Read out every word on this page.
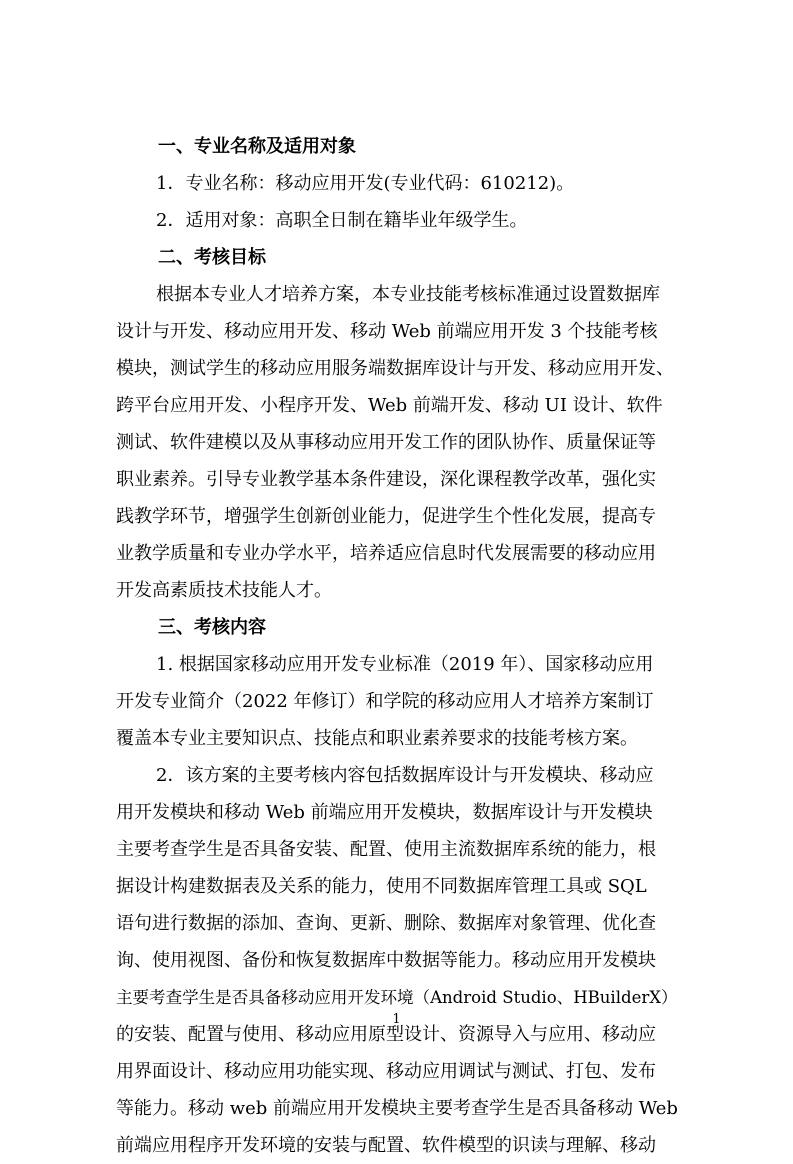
一、专业名称及适用对象

1．专业名称：移动应用开发(专业代码：610212)。

2．适用对象：高职全日制在籍毕业年级学生。

二、考核目标

根据本专业人才培养方案，本专业技能考核标准通过设置数据库

设计与开发、移动应用开发、移动 Web 前端应用开发 3 个技能考核

模块，测试学生的移动应用服务端数据库设计与开发、移动应用开发、

跨平台应用开发、小程序开发、Web 前端开发、移动 UI 设计、软件

测试、软件建模以及从事移动应用开发工作的团队协作、质量保证等

职业素养。引导专业教学基本条件建设，深化课程教学改革，强化实

践教学环节，增强学生创新创业能力，促进学生个性化发展，提高专

业教学质量和专业办学水平，培养适应信息时代发展需要的移动应用

开发高素质技术技能人才。

三、考核内容

1. 根据国家移动应用开发专业标准（2019 年）、国家移动应用

开发专业简介（2022 年修订）和学院的移动应用人才培养方案制订

覆盖本专业主要知识点、技能点和职业素养要求的技能考核方案。

2．该方案的主要考核内容包括数据库设计与开发模块、移动应

用开发模块和移动 Web 前端应用开发模块，数据库设计与开发模块

主要考查学生是否具备安装、配置、使用主流数据库系统的能力，根

据设计构建数据表及关系的能力，使用不同数据库管理工具或 SQL

语句进行数据的添加、查询、更新、删除、数据库对象管理、优化查

询、使用视图、备份和恢复数据库中数据等能力。移动应用开发模块

主要考查学生是否具备移动应用开发环境（Android Studio、HBuilderX）

的安装、配置与使用、移动应用原型设计、资源导入与应用、移动应

用界面设计、移动应用功能实现、移动应用调试与测试、打包、发布

等能力。移动 web 前端应用开发模块主要考查学生是否具备移动 Web

前端应用程序开发环境的安装与配置、软件模型的识读与理解、移动

1
